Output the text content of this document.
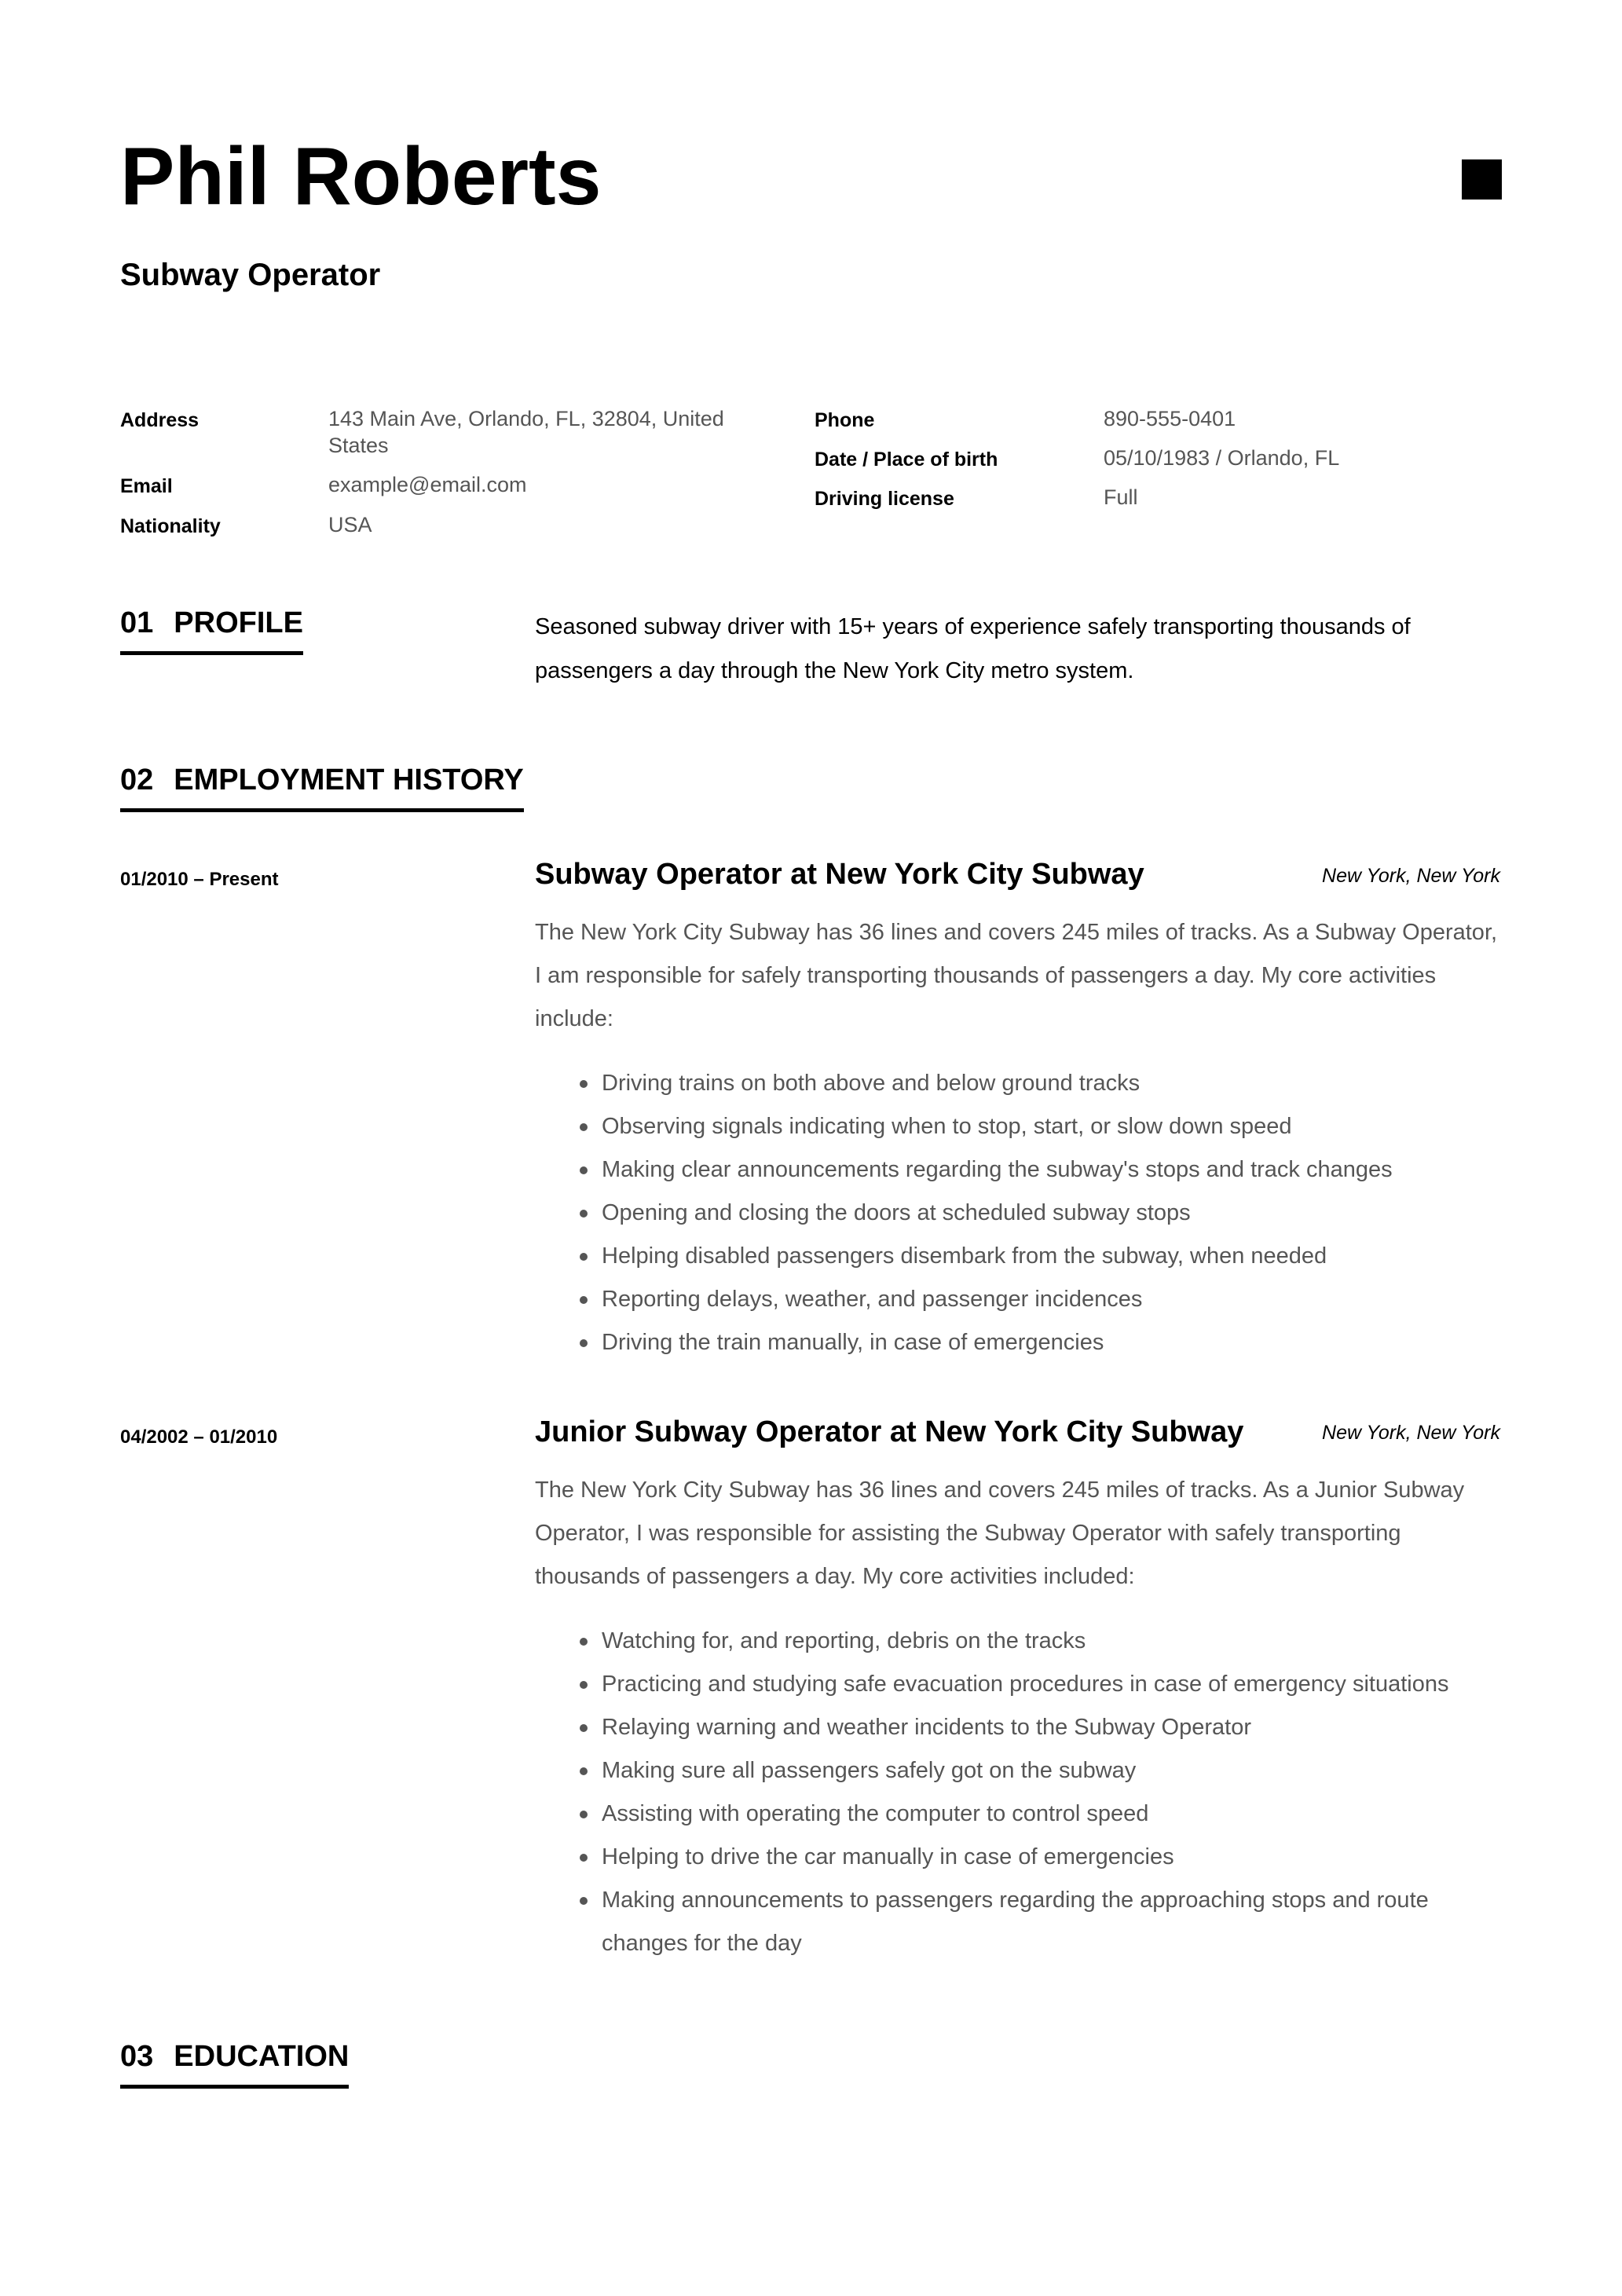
Phil Roberts
Subway Operator
Address	143 Main Ave, Orlando, FL, 32804, United States
Email	example@email.com
Nationality	USA
Phone	890-555-0401
Date / Place of birth	05/10/1983 / Orlando, FL
Driving license	Full
01 PROFILE	Seasoned subway driver with 15+ years of experience safely transporting thousands of passengers a day through the New York City metro system.
02 EMPLOYMENT HISTORY
01/2010 – Present	Subway Operator at New York City Subway	New York, New York
The New York City Subway has 36 lines and covers 245 miles of tracks. As a Subway Operator, I am responsible for safely transporting thousands of passengers a day. My core activities include:
Driving trains on both above and below ground tracks
Observing signals indicating when to stop, start, or slow down speed
Making clear announcements regarding the subway's stops and track changes
Opening and closing the doors at scheduled subway stops
Helping disabled passengers disembark from the subway, when needed
Reporting delays, weather, and passenger incidences
Driving the train manually, in case of emergencies
04/2002 – 01/2010	Junior Subway Operator at New York City Subway	New York, New York
The New York City Subway has 36 lines and covers 245 miles of tracks. As a Junior Subway Operator, I was responsible for assisting the Subway Operator with safely transporting thousands of passengers a day. My core activities included:
Watching for, and reporting, debris on the tracks
Practicing and studying safe evacuation procedures in case of emergency situations
Relaying warning and weather incidents to the Subway Operator
Making sure all passengers safely got on the subway
Assisting with operating the computer to control speed
Helping to drive the car manually in case of emergencies
Making announcements to passengers regarding the approaching stops and route changes for the day
03 EDUCATION
